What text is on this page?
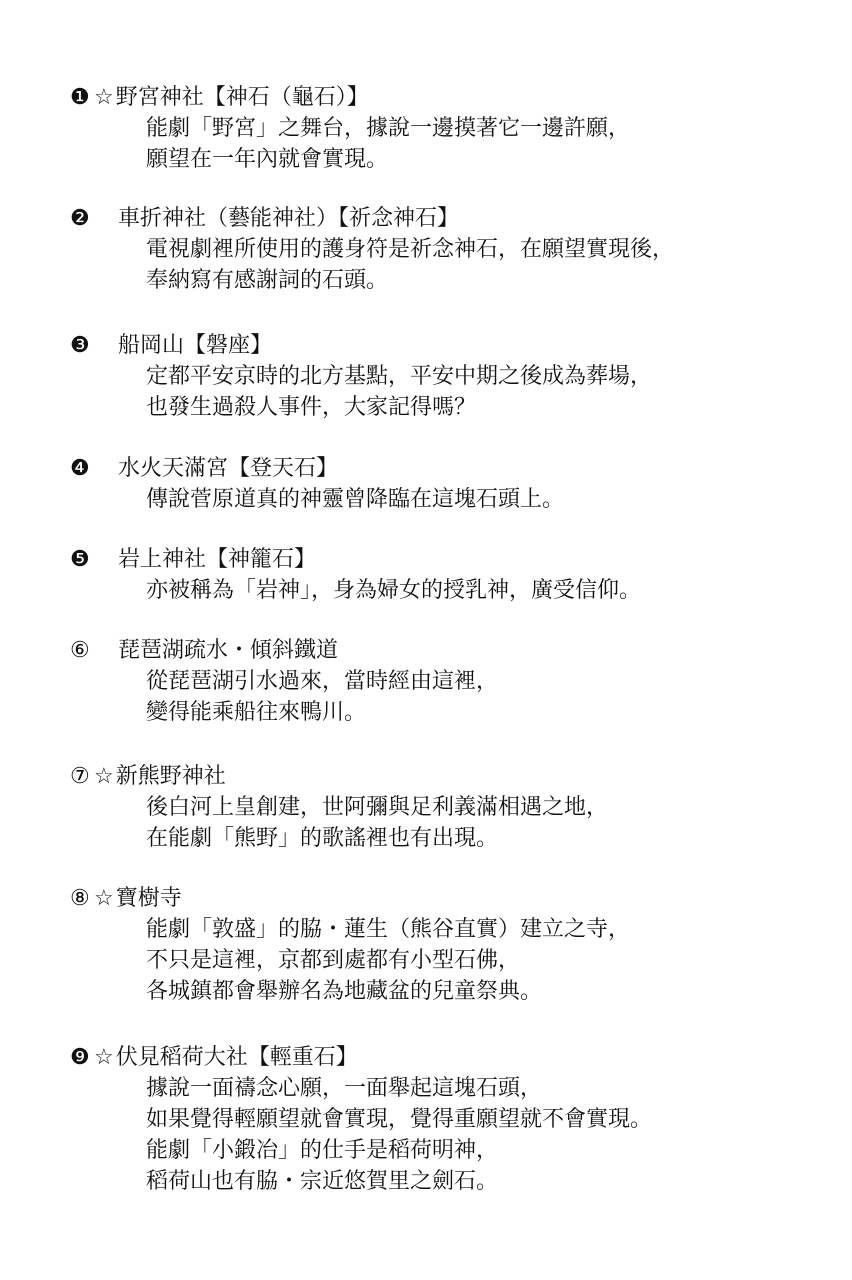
❶ ☆ 野宮神社【神石（龜石）】
能劇「野宮」之舞台，據說一邊摸著它一邊許願，
願望在一年內就會實現。
❷	車折神社（藝能神社）【祈念神石】
電視劇裡所使用的護身符是祈念神石，在願望實現後，
奉納寫有感謝詞的石頭。
❸	船岡山【磐座】
定都平安京時的北方基點，平安中期之後成為葬場，
也發生過殺人事件，大家記得嗎？
❹	水火天滿宮【登天石】
傳說菅原道真的神靈曾降臨在這塊石頭上。
❺	岩上神社【神籠石】
亦被稱為「岩神」，身為婦女的授乳神，廣受信仰。
⑥	琵琶湖疏水・傾斜鐵道
從琵琶湖引水過來，當時經由這裡，
變得能乘船往來鴨川。
⑦ ☆ 新熊野神社
後白河上皇創建，世阿彌與足利義滿相遇之地，
在能劇「熊野」的歌謠裡也有出現。
⑧ ☆ 寶樹寺
能劇「敦盛」的脇・蓮生（熊谷直實）建立之寺，
不只是這裡，京都到處都有小型石佛，
各城鎮都會舉辦名為地藏盆的兒童祭典。
❾ ☆ 伏見稻荷大社【輕重石】
據說一面禱念心願，一面舉起這塊石頭，
如果覺得輕願望就會實現，覺得重願望就不會實現。
能劇「小鍛冶」的仕手是稻荷明神，
稻荷山也有脇・宗近悠賀里之劍石。
